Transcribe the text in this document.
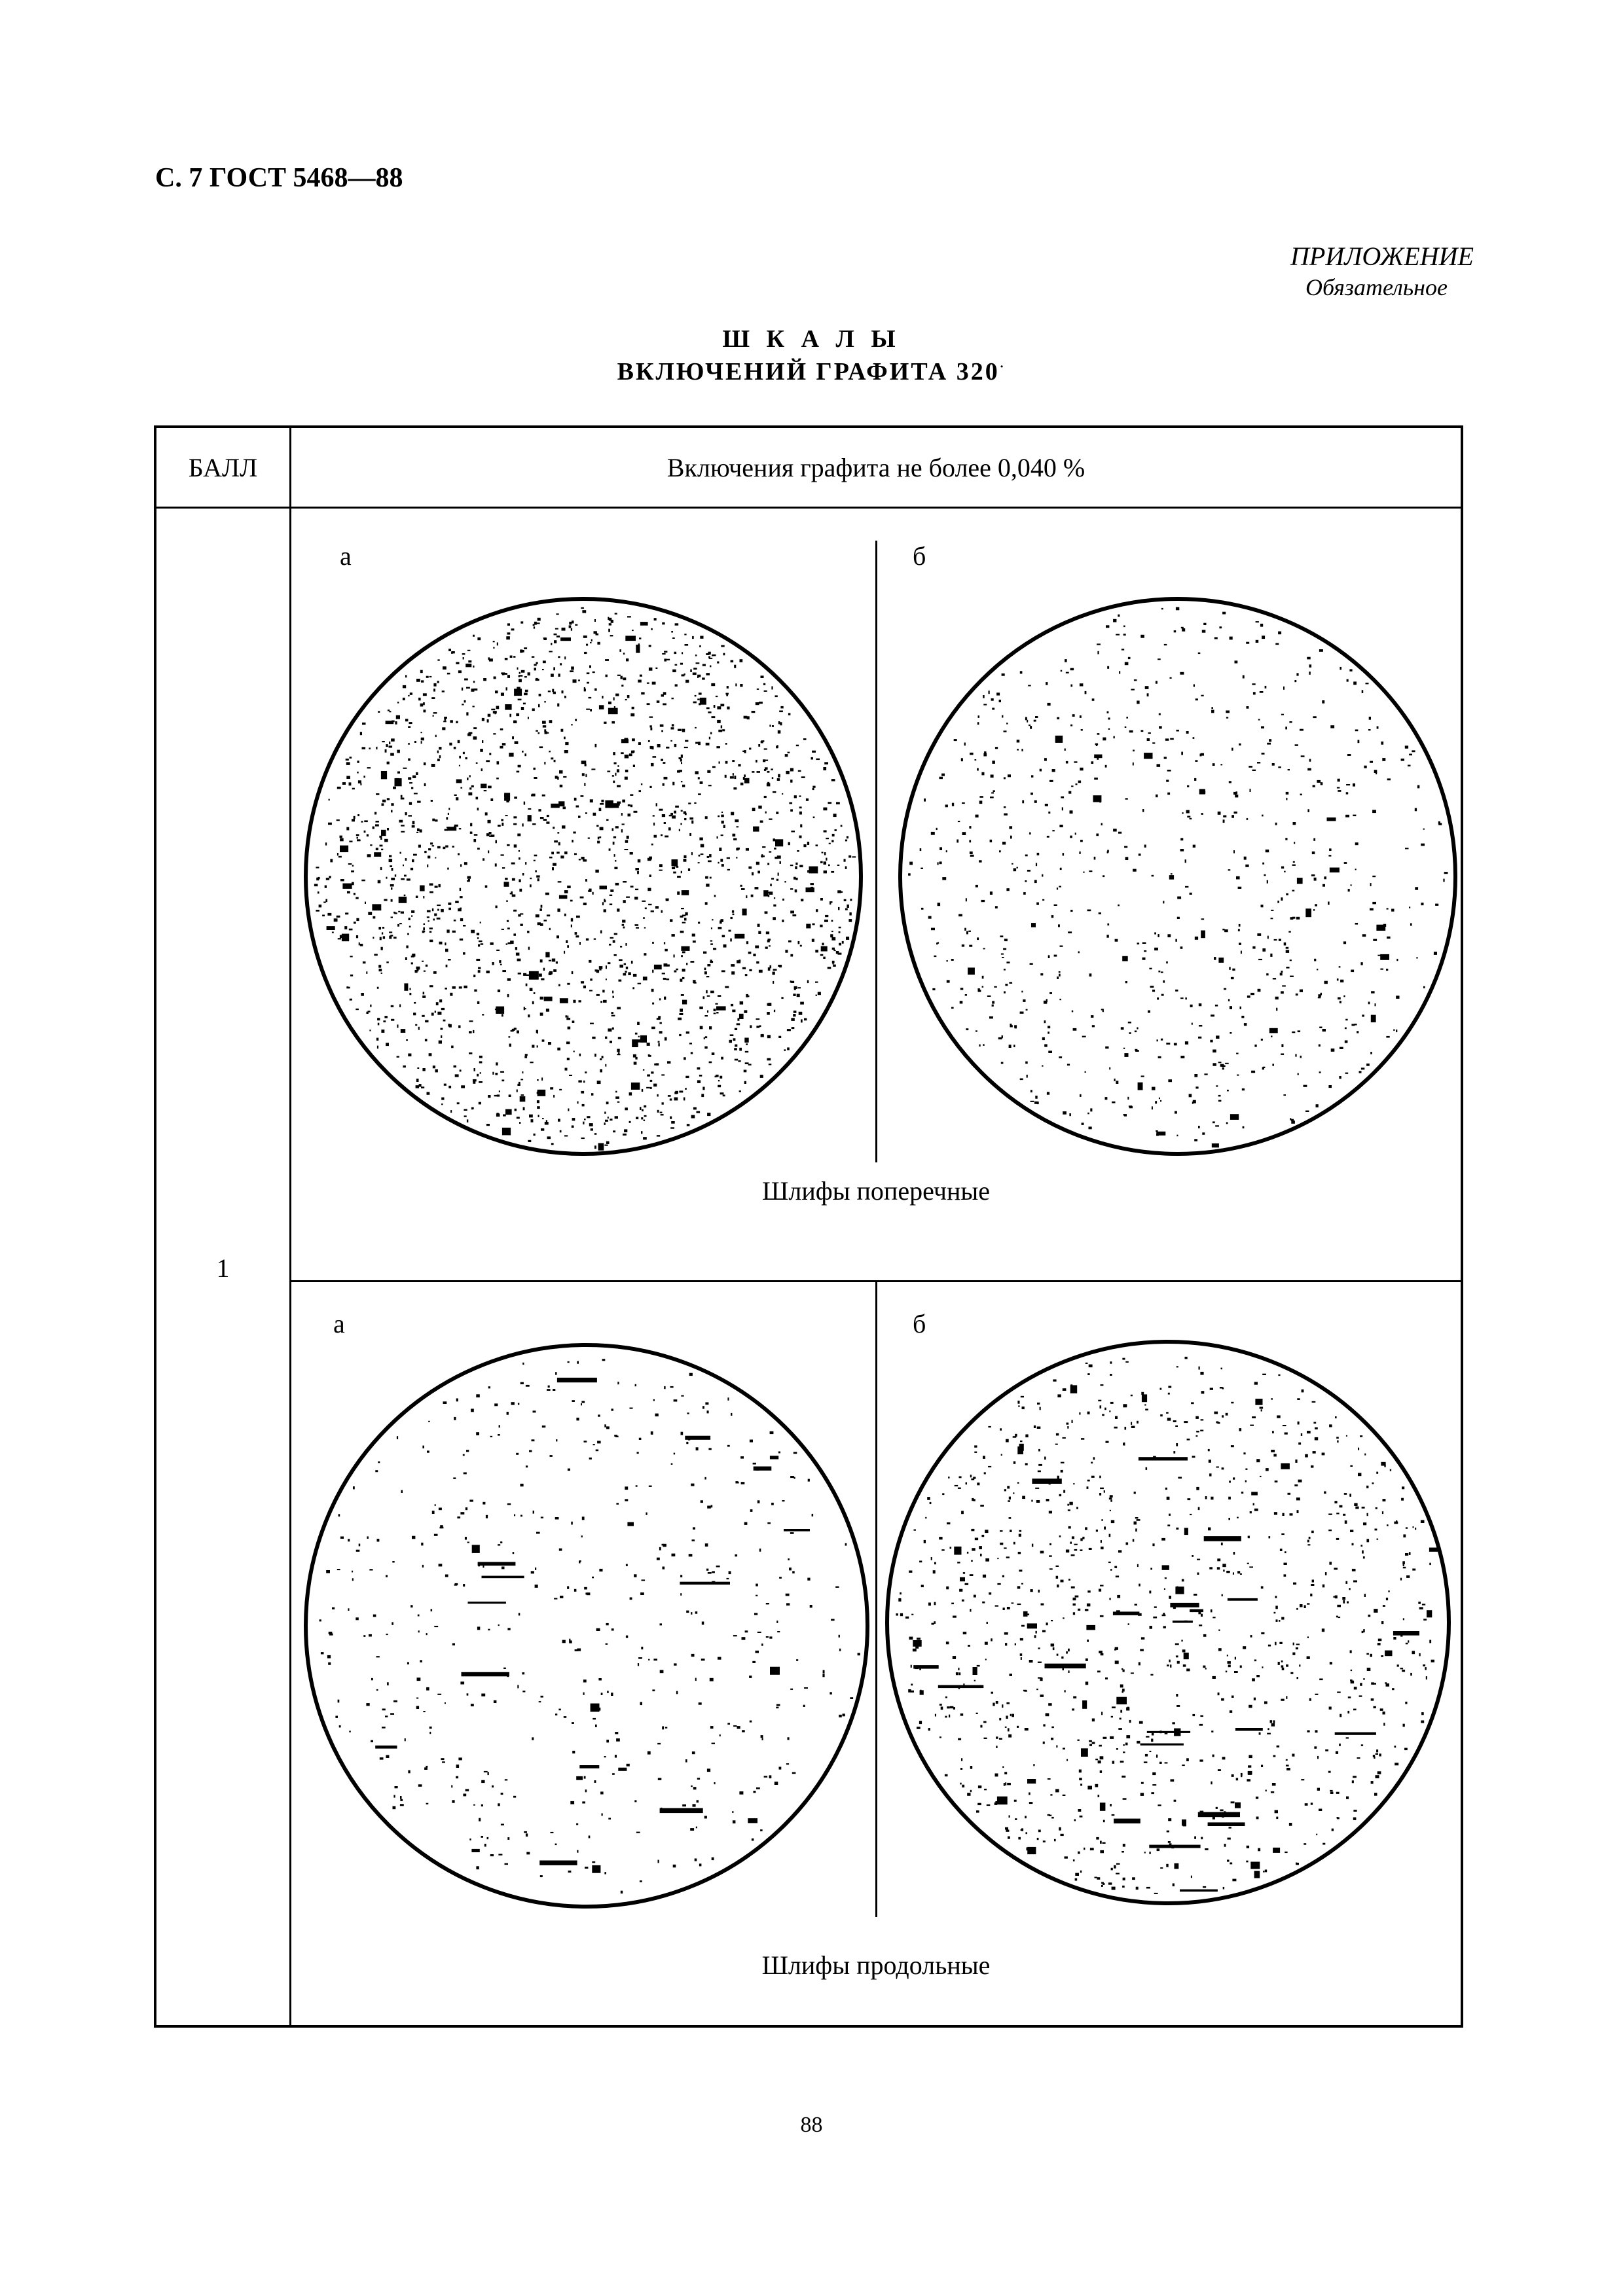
С. 7 ГОСТ 5468—88
ПРИЛОЖЕНИЕ
Обязательное
Ш К А Л Ы
ВКЛЮЧЕНИЙ ГРАФИТА 320·
БАЛЛ	Включения графита не более 0,040 %
1
а	б
Шлифы поперечные
а	б
Шлифы продольные
88
